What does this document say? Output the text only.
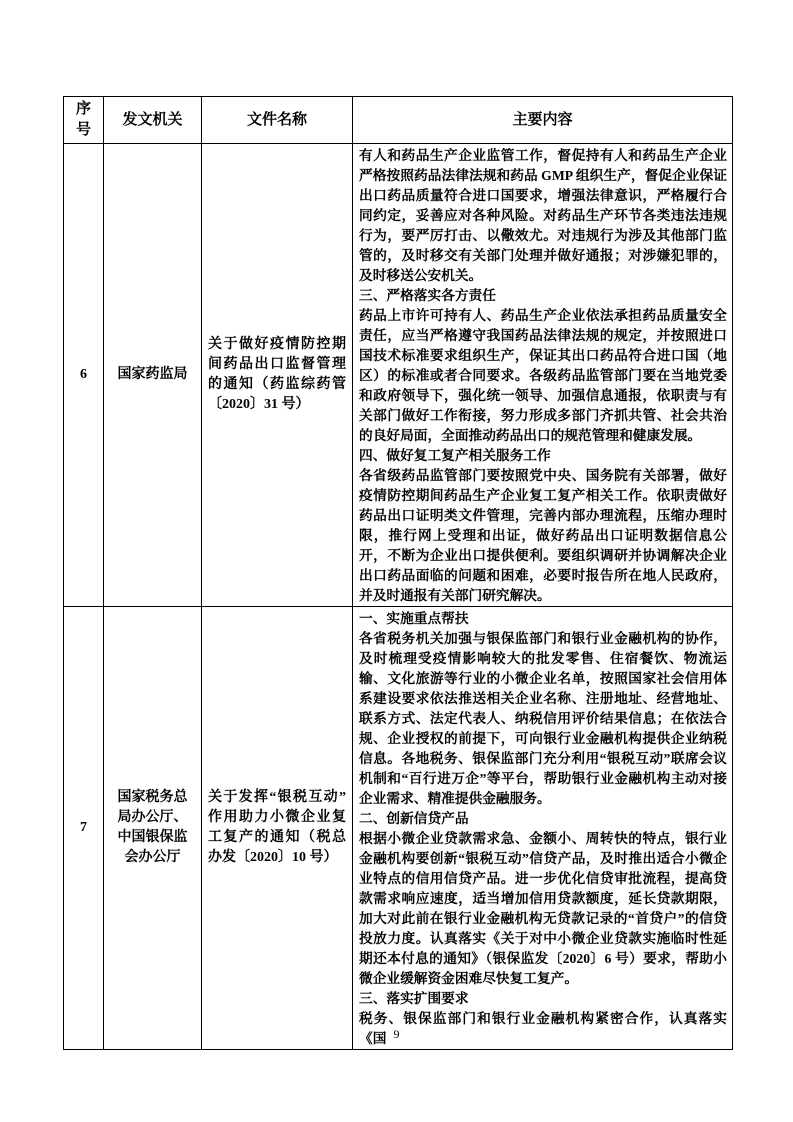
序号	发文机关	文件名称	主要内容
6	国家药监局	关于做好疫情防控期间药品出口监督管理的通知（药监综药管〔2020〕31 号）	有人和药品生产企业监管工作，督促持有人和药品生产企业严格按照药品法律法规和药品 GMP 组织生产，督促企业保证出口药品质量符合进口国要求，增强法律意识，严格履行合同约定，妥善应对各种风险。对药品生产环节各类违法违规行为，要严厉打击、以儆效尤。对违规行为涉及其他部门监管的，及时移交有关部门处理并做好通报；对涉嫌犯罪的，及时移送公安机关。

三、严格落实各方责任

药品上市许可持有人、药品生产企业依法承担药品质量安全责任，应当严格遵守我国药品法律法规的规定，并按照进口国技术标准要求组织生产，保证其出口药品符合进口国（地区）的标准或者合同要求。各级药品监管部门要在当地党委和政府领导下，强化统一领导、加强信息通报，依职责与有关部门做好工作衔接，努力形成多部门齐抓共管、社会共治的良好局面，全面推动药品出口的规范管理和健康发展。

四、做好复工复产相关服务工作

各省级药品监管部门要按照党中央、国务院有关部署，做好疫情防控期间药品生产企业复工复产相关工作。依职责做好药品出口证明类文件管理，完善内部办理流程，压缩办理时限，推行网上受理和出证，做好药品出口证明数据信息公开，不断为企业出口提供便利。要组织调研并协调解决企业出口药品面临的问题和困难，必要时报告所在地人民政府，并及时通报有关部门研究解决。

7	国家税务总局办公厅、中国银保监会办公厅	关于发挥“银税互动”作用助力小微企业复工复产的通知（税总办发〔2020〕10 号）	

一、实施重点帮扶

各省税务机关加强与银保监部门和银行业金融机构的协作，及时梳理受疫情影响较大的批发零售、住宿餐饮、物流运输、文化旅游等行业的小微企业名单，按照国家社会信用体系建设要求依法推送相关企业名称、注册地址、经营地址、联系方式、法定代表人、纳税信用评价结果信息；在依法合规、企业授权的前提下，可向银行业金融机构提供企业纳税信息。各地税务、银保监部门充分利用“银税互动”联席会议机制和“百行进万企”等平台，帮助银行业金融机构主动对接企业需求、精准提供金融服务。

二、创新信贷产品

根据小微企业贷款需求急、金额小、周转快的特点，银行业金融机构要创新“银税互动”信贷产品，及时推出适合小微企业特点的信用信贷产品。进一步优化信贷审批流程，提高贷款需求响应速度，适当增加信用贷款额度，延长贷款期限，加大对此前在银行业金融机构无贷款记录的“首贷户”的信贷投放力度。认真落实《关于对中小微企业贷款实施临时性延期还本付息的通知》（银保监发〔2020〕6 号）要求，帮助小微企业缓解资金困难尽快复工复产。

三、落实扩围要求

税务、银保监部门和银行业金融机构紧密合作，认真落实《国 9
